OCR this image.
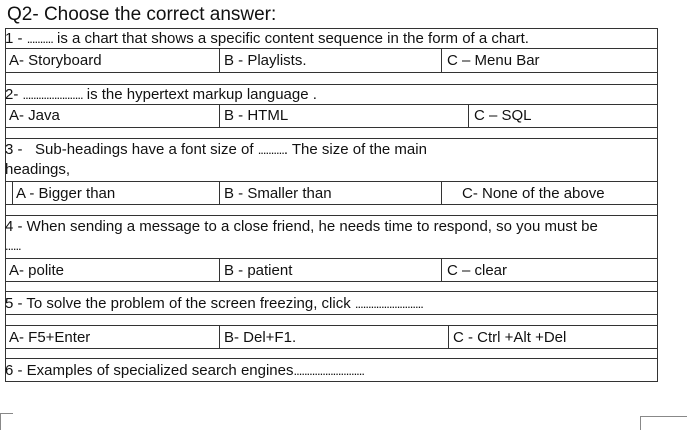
Q2- Choose the correct answer:
1 - .......... is a chart that shows a specific content sequence in the form of a chart.
A- Storyboard	B - Playlists.	C – Menu Bar
2- ....................... is the hypertext markup language .
A- Java	B - HTML	C – SQL
3 - Sub-headings have a font size of ........... The size of the main
headings,
A - Bigger than	B - Smaller than	C- None of the above
4 - When sending a message to a close friend, he needs time to respond, so you must be
......
A- polite	B - patient	C – clear
5 - To solve the problem of the screen freezing, click ..........................
A- F5+Enter	B- Del+F1.	C - Ctrl +Alt +Del
6 - Examples of specialized search engines...........................
